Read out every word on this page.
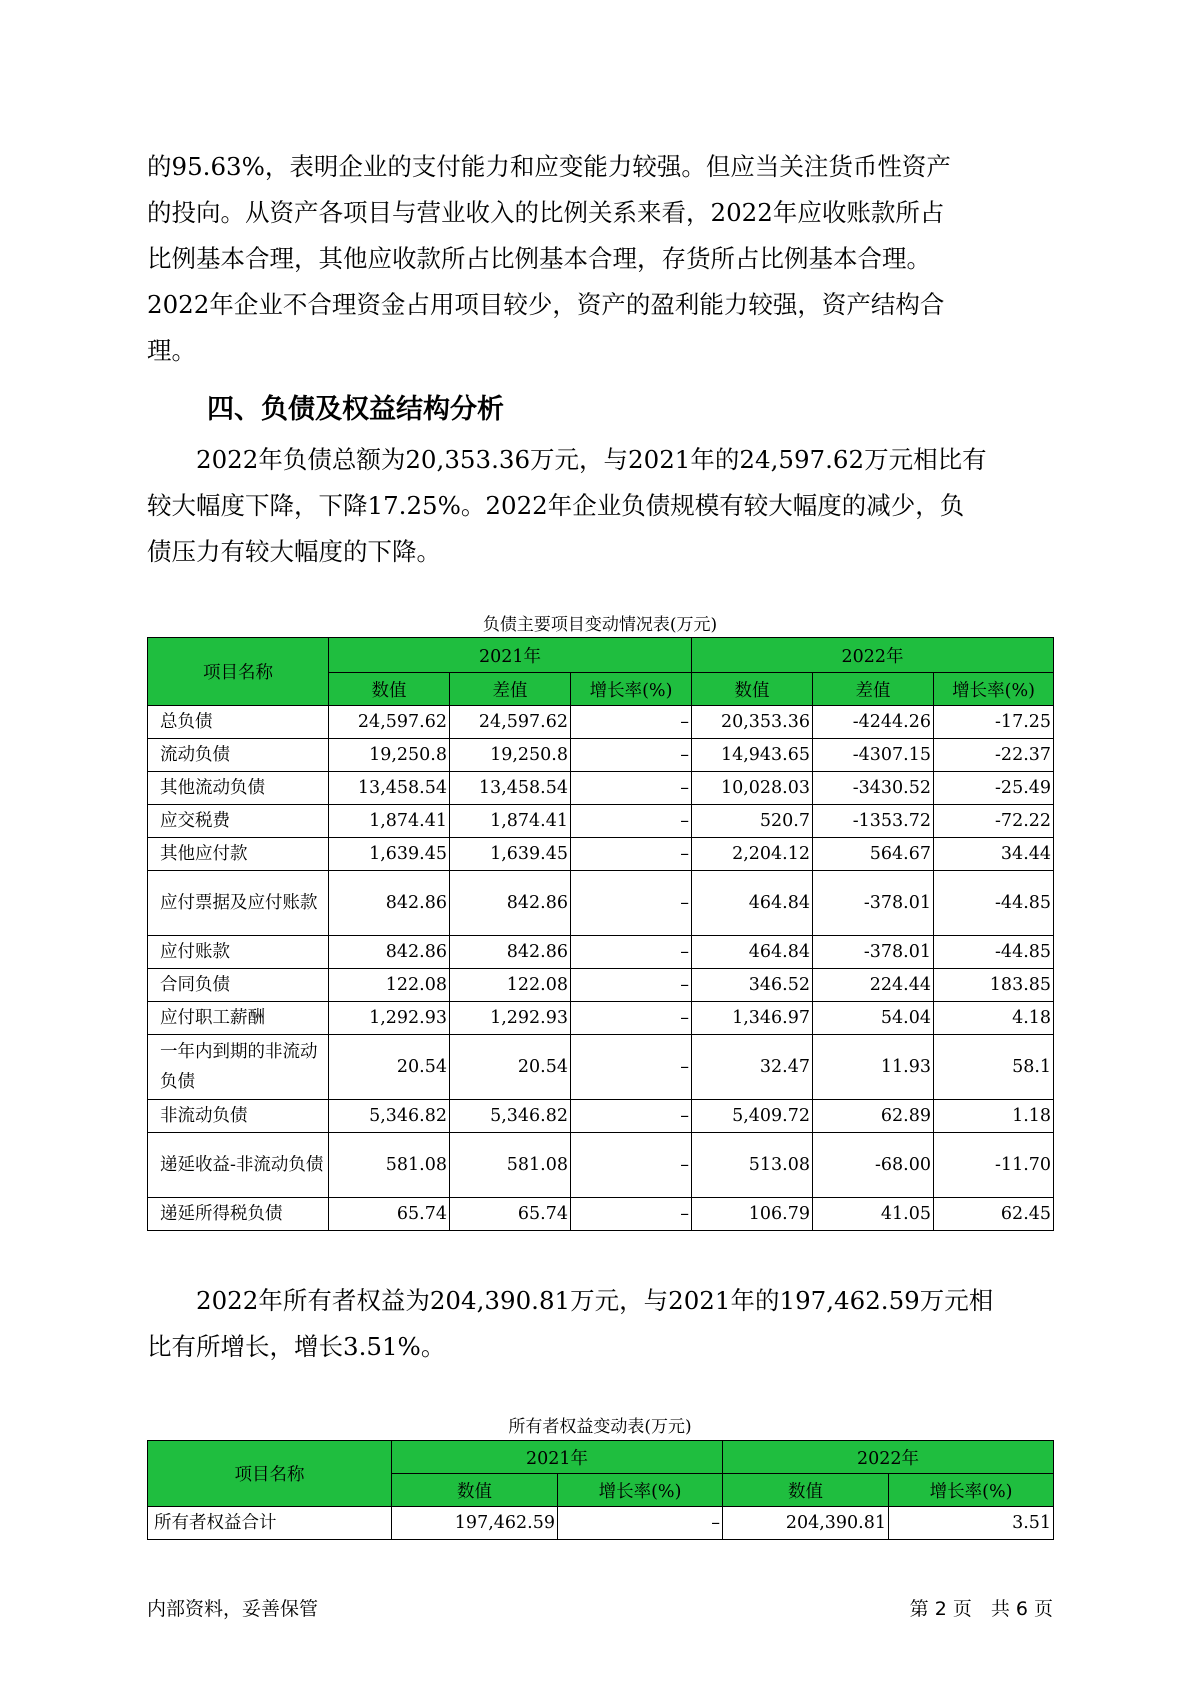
的95.63%，表明企业的支付能力和应变能力较强。但应当关注货币性资产
的投向。从资产各项目与营业收入的比例关系来看，2022年应收账款所占
比例基本合理，其他应收款所占比例基本合理，存货所占比例基本合理。
2022年企业不合理资金占用项目较少，资产的盈利能力较强，资产结构合
理。
四、负债及权益结构分析
　　2022年负债总额为20,353.36万元，与2021年的24,597.62万元相比有
较大幅度下降，下降17.25%。2022年企业负债规模有较大幅度的减少，负
债压力有较大幅度的下降。
负债主要项目变动情况表(万元)
项目名称	2021年			2022年		
	数值	差值	增长率(%)	数值	差值	增长率(%)
总负债	24,597.62	24,597.62	–	20,353.36	-4244.26	-17.25
流动负债	19,250.8	19,250.8	–	14,943.65	-4307.15	-22.37
其他流动负债	13,458.54	13,458.54	–	10,028.03	-3430.52	-25.49
应交税费	1,874.41	1,874.41	–	520.7	-1353.72	-72.22
其他应付款	1,639.45	1,639.45	–	2,204.12	564.67	34.44
应付票据及应付账款	842.86	842.86	–	464.84	-378.01	-44.85
应付账款	842.86	842.86	–	464.84	-378.01	-44.85
合同负债	122.08	122.08	–	346.52	224.44	183.85
应付职工薪酬	1,292.93	1,292.93	–	1,346.97	54.04	4.18
一年内到期的非流动负债	20.54	20.54	–	32.47	11.93	58.1
非流动负债	5,346.82	5,346.82	–	5,409.72	62.89	1.18
递延收益-非流动负债	581.08	581.08	–	513.08	-68.00	-11.70
递延所得税负债	65.74	65.74	–	106.79	41.05	62.45
　　2022年所有者权益为204,390.81万元，与2021年的197,462.59万元相
比有所增长，增长3.51%。
所有者权益变动表(万元)
项目名称	2021年		2022年	
	数值	增长率(%)	数值	增长率(%)
所有者权益合计	197,462.59	–	204,390.81	3.51
内部资料，妥善保管	第 2 页　共 6 页
